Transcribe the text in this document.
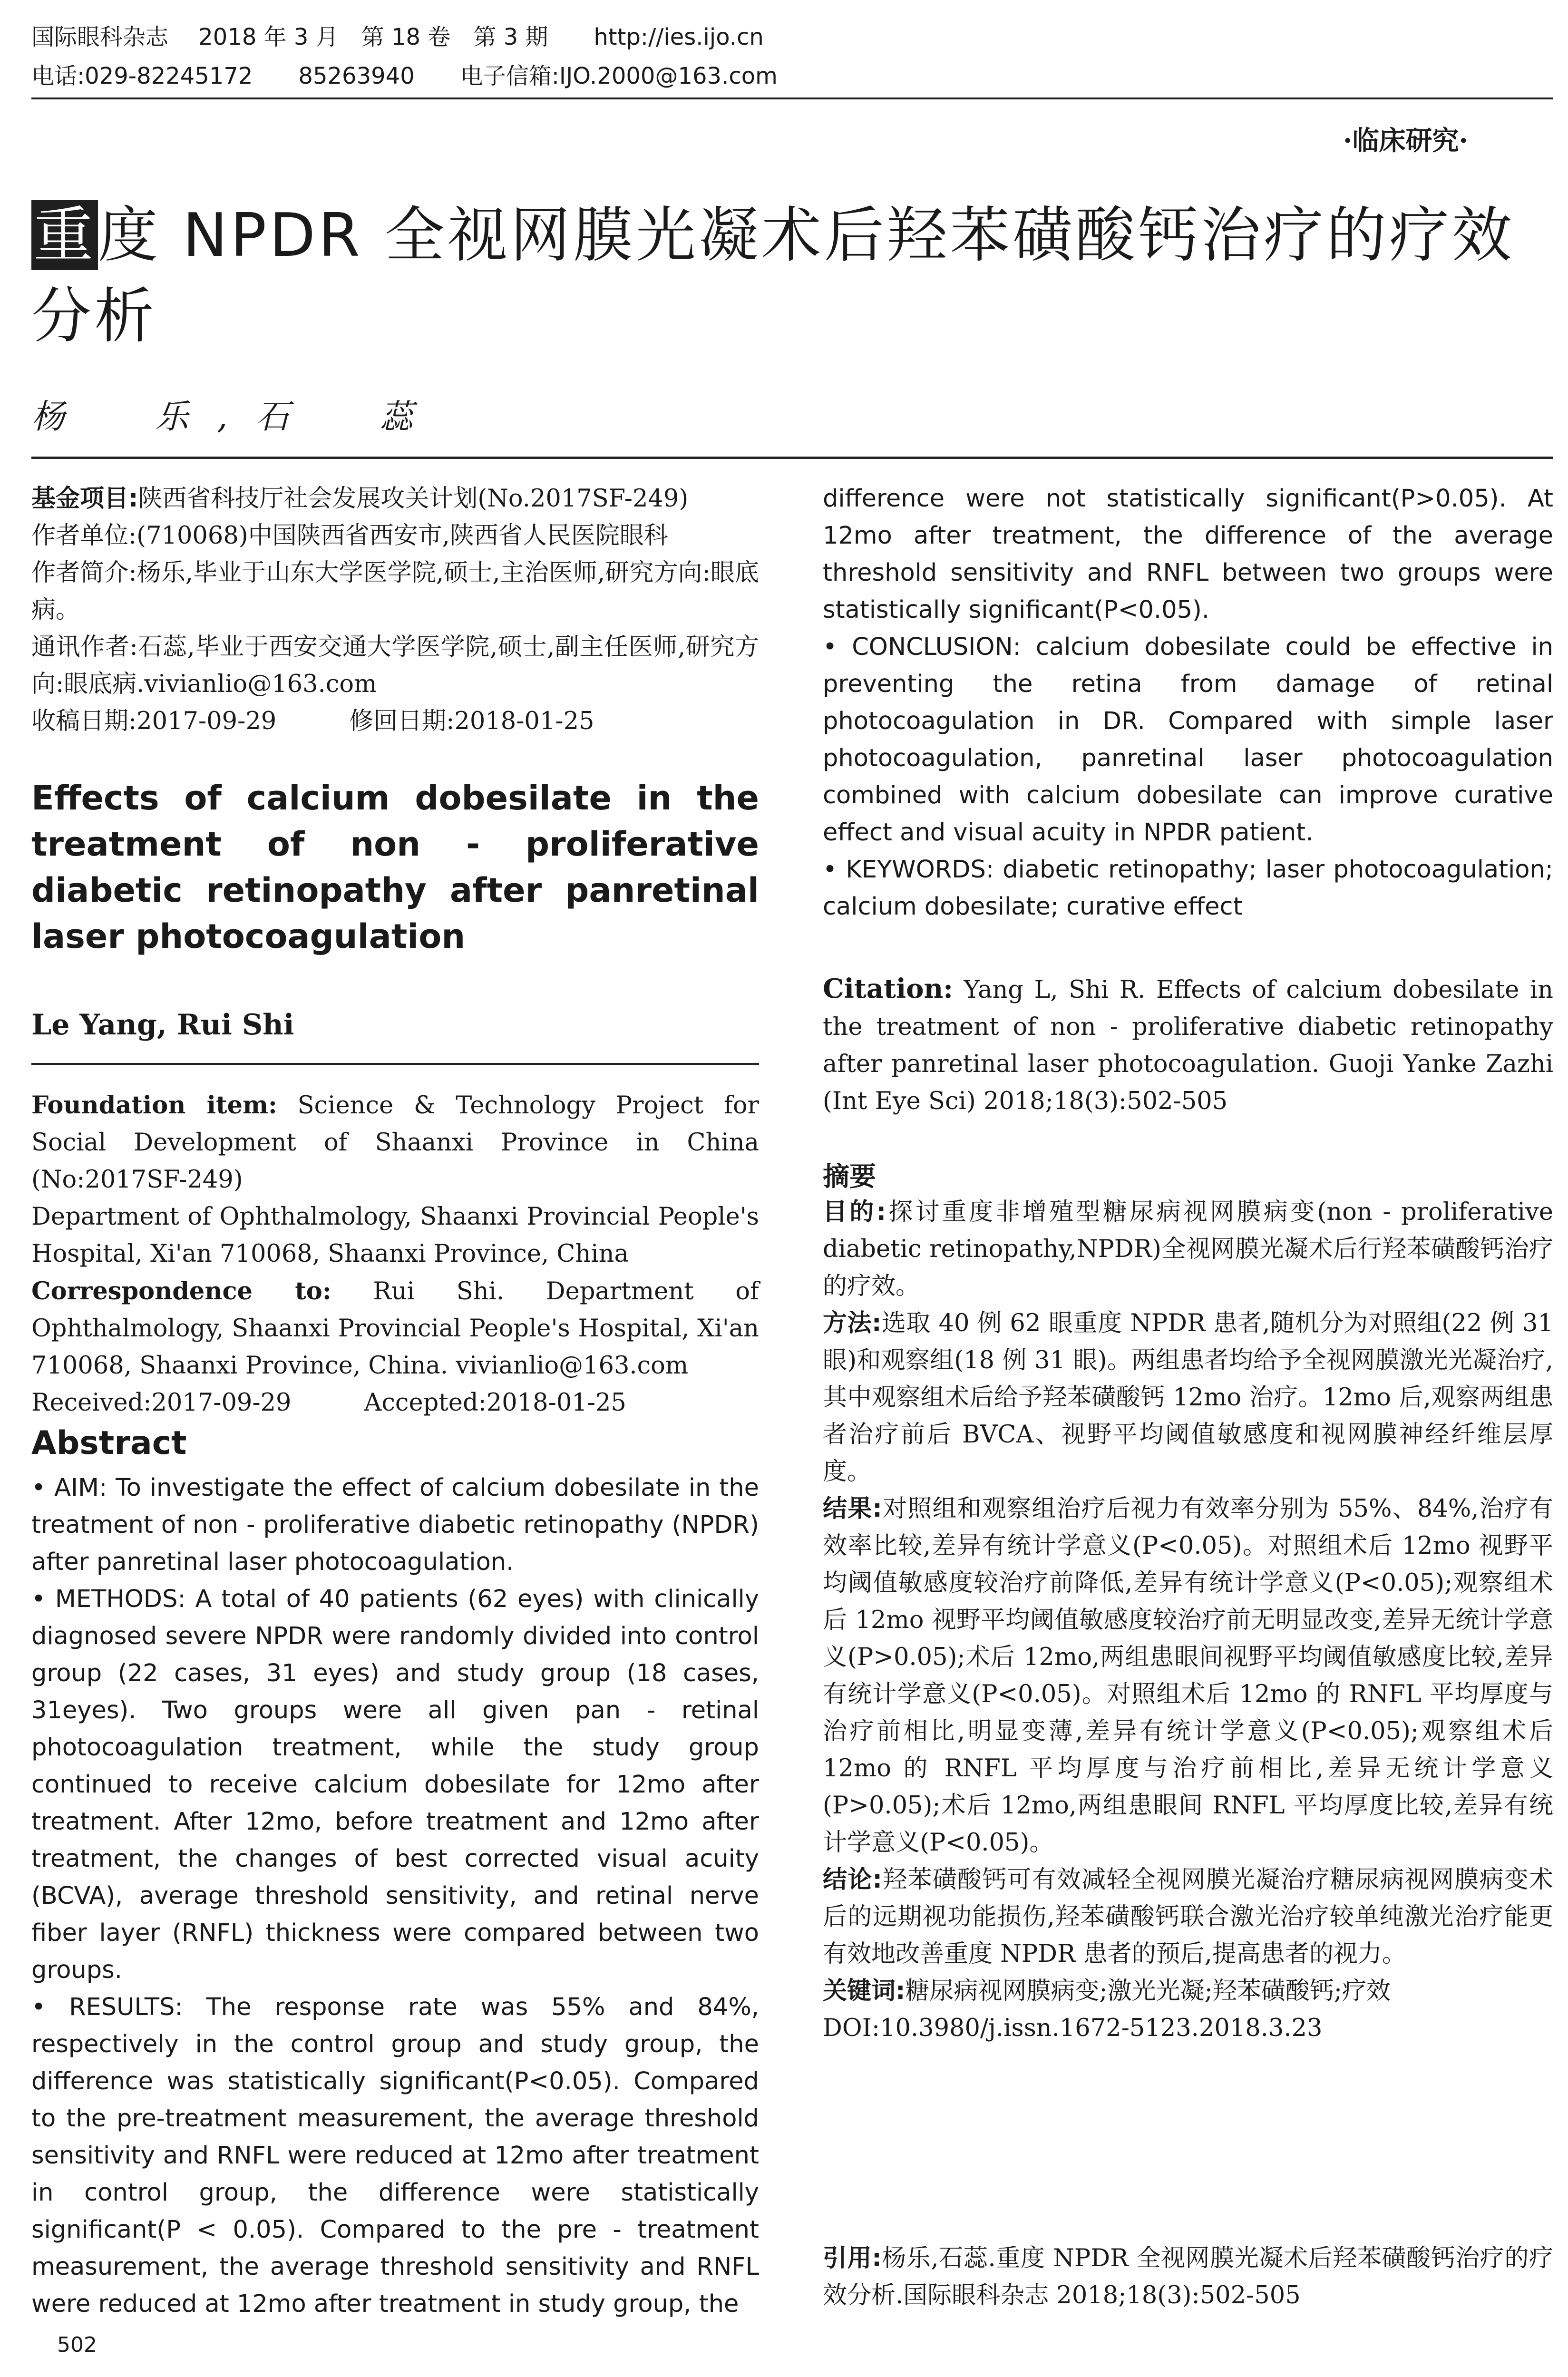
国际眼科杂志　 2018 年 3 月　第 18 卷　第 3 期　　http://ies.ijo.cn
电话:029-82245172　　85263940　　电子信箱:IJO.2000@163.com
·临床研究·
重度 NPDR 全视网膜光凝术后羟苯磺酸钙治疗的疗效分析
杨　乐,石　蕊

基金项目:陕西省科技厅社会发展攻关计划(No.2017SF-249)

作者单位:(710068)中国陕西省西安市,陕西省人民医院眼科

作者简介:杨乐,毕业于山东大学医学院,硕士,主治医师,研究方向:眼底病。

通讯作者:石蕊,毕业于西安交通大学医学院,硕士,副主任医师,研究方向:眼底病.vivianlio@163.com

收稿日期:2017-09-29　　　修回日期:2018-01-25

Effects of calcium dobesilate in the treatment of non - proliferative diabetic retinopathy after panretinal laser photocoagulation
Le Yang, Rui Shi

Foundation item: Science & Technology Project for Social Development of Shaanxi Province in China (No:2017SF-249)

Department of Ophthalmology, Shaanxi Provincial People's Hospital, Xi'an 710068, Shaanxi Province, China

Correspondence to: Rui Shi. Department of Ophthalmology, Shaanxi Provincial People's Hospital, Xi'an 710068, Shaanxi Province, China. vivianlio@163.com

Received:2017-09-29　　　Accepted:2018-01-25

Abstract

• AIM: To investigate the effect of calcium dobesilate in the treatment of non - proliferative diabetic retinopathy (NPDR) after panretinal laser photocoagulation.

• METHODS: A total of 40 patients (62 eyes) with clinically diagnosed severe NPDR were randomly divided into control group (22 cases, 31 eyes) and study group (18 cases, 31eyes). Two groups were all given pan - retinal photocoagulation treatment, while the study group continued to receive calcium dobesilate for 12mo after treatment. After 12mo, before treatment and 12mo after treatment, the changes of best corrected visual acuity (BCVA), average threshold sensitivity, and retinal nerve fiber layer (RNFL) thickness were compared between two groups.

• RESULTS: The response rate was 55% and 84%, respectively in the control group and study group, the difference was statistically significant(P<0.05). Compared to the pre-treatment measurement, the average threshold sensitivity and RNFL were reduced at 12mo after treatment in control group, the difference were statistically significant(P < 0.05). Compared to the pre - treatment measurement, the average threshold sensitivity and RNFL were reduced at 12mo after treatment in study group, the

502

difference were not statistically significant(P>0.05). At 12mo after treatment, the difference of the average threshold sensitivity and RNFL between two groups were statistically significant(P<0.05).

• CONCLUSION: calcium dobesilate could be effective in preventing the retina from damage of retinal photocoagulation in DR. Compared with simple laser photocoagulation, panretinal laser photocoagulation combined with calcium dobesilate can improve curative effect and visual acuity in NPDR patient.

• KEYWORDS: diabetic retinopathy; laser photocoagulation; calcium dobesilate; curative effect

Citation: Yang L, Shi R. Effects of calcium dobesilate in the treatment of non - proliferative diabetic retinopathy after panretinal laser photocoagulation. Guoji Yanke Zazhi (Int Eye Sci) 2018;18(3):502-505

摘要

目的:探讨重度非增殖型糖尿病视网膜病变(non - proliferative diabetic retinopathy,NPDR)全视网膜光凝术后行羟苯磺酸钙治疗的疗效。

方法:选取 40 例 62 眼重度 NPDR 患者,随机分为对照组(22 例 31 眼)和观察组(18 例 31 眼)。两组患者均给予全视网膜激光光凝治疗,其中观察组术后给予羟苯磺酸钙 12mo 治疗。12mo 后,观察两组患者治疗前后 BVCA、视野平均阈值敏感度和视网膜神经纤维层厚度。

结果:对照组和观察组治疗后视力有效率分别为 55%、84%,治疗有效率比较,差异有统计学意义(P<0.05)。对照组术后 12mo 视野平均阈值敏感度较治疗前降低,差异有统计学意义(P<0.05);观察组术后 12mo 视野平均阈值敏感度较治疗前无明显改变,差异无统计学意义(P>0.05);术后 12mo,两组患眼间视野平均阈值敏感度比较,差异有统计学意义(P<0.05)。对照组术后 12mo 的 RNFL 平均厚度与治疗前相比,明显变薄,差异有统计学意义(P<0.05);观察组术后 12mo 的 RNFL 平均厚度与治疗前相比,差异无统计学意义(P>0.05);术后 12mo,两组患眼间 RNFL 平均厚度比较,差异有统计学意义(P<0.05)。

结论:羟苯磺酸钙可有效减轻全视网膜光凝治疗糖尿病视网膜病变术后的远期视功能损伤,羟苯磺酸钙联合激光治疗较单纯激光治疗能更有效地改善重度 NPDR 患者的预后,提高患者的视力。

关键词:糖尿病视网膜病变;激光光凝;羟苯磺酸钙;疗效

DOI:10.3980/j.issn.1672-5123.2018.3.23

引用:杨乐,石蕊.重度 NPDR 全视网膜光凝术后羟苯磺酸钙治疗的疗效分析.国际眼科杂志 2018;18(3):502-505
